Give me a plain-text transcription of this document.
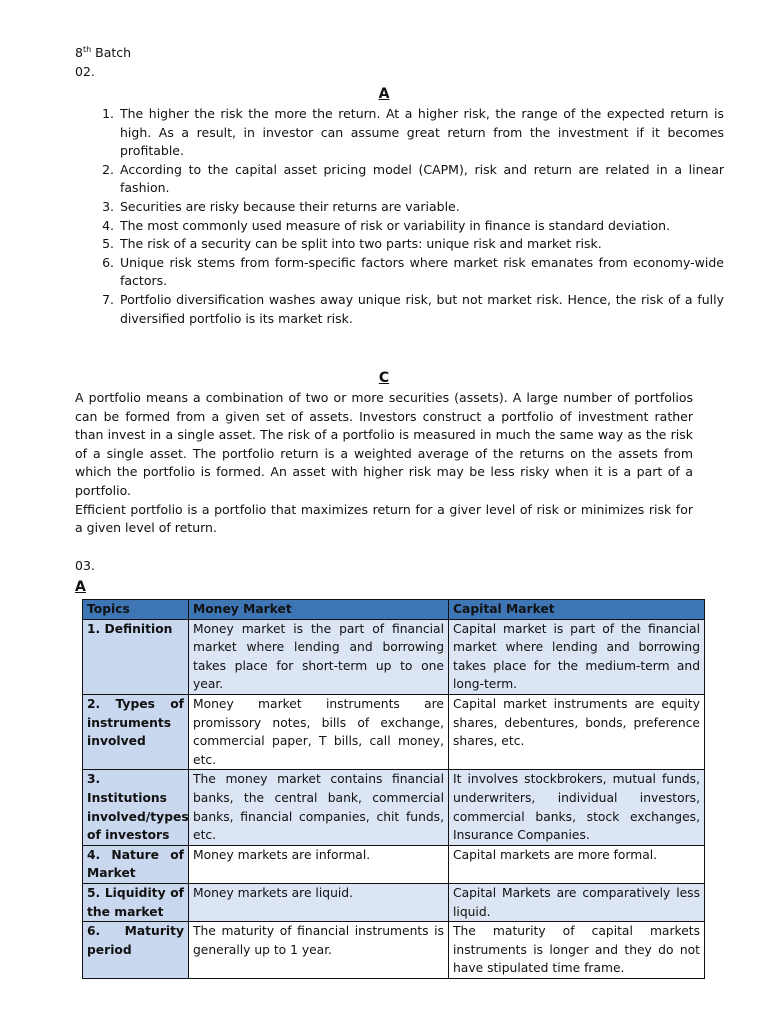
8th Batch
02.
A
1. The higher the risk the more the return. At a higher risk, the range of the expected return is high. As a result, in investor can assume great return from the investment if it becomes profitable.
2. According to the capital asset pricing model (CAPM), risk and return are related in a linear fashion.
3. Securities are risky because their returns are variable.
4. The most commonly used measure of risk or variability in finance is standard deviation.
5. The risk of a security can be split into two parts: unique risk and market risk.
6. Unique risk stems from form-specific factors where market risk emanates from economy-wide factors.
7. Portfolio diversification washes away unique risk, but not market risk. Hence, the risk of a fully diversified portfolio is its market risk.
C

A portfolio means a combination of two or more securities (assets). A large number of portfolios can be formed from a given set of assets. Investors construct a portfolio of investment rather than invest in a single asset. The risk of a portfolio is measured in much the same way as the risk of a single asset. The portfolio return is a weighted average of the returns on the assets from which the portfolio is formed. An asset with higher risk may be less risky when it is a part of a portfolio.

Efficient portfolio is a portfolio that maximizes return for a giver level of risk or minimizes risk for a given level of return.

03.
A
Topics	Money Market	Capital Market
1. Definition	Money market is the part of financial market where lending and borrowing takes place for short-term up to one year.	Capital market is part of the financial market where lending and borrowing takes place for the medium-term and long-term.
2. Types of instruments involved	Money market instruments are promissory notes, bills of exchange, commercial paper, T bills, call money, etc.	Capital market instruments are equity shares, debentures, bonds, preference shares, etc.
3. Institutions involved/types of investors	The money market contains financial banks, the central bank, commercial banks, financial companies, chit funds, etc.	It involves stockbrokers, mutual funds, underwriters, individual investors, commercial banks, stock exchanges, Insurance Companies.
4. Nature of Market	Money markets are informal.	Capital markets are more formal.
5. Liquidity of the market	Money markets are liquid.	Capital Markets are comparatively less liquid.
6. Maturity period	The maturity of financial instruments is generally up to 1 year.	The maturity of capital markets instruments is longer and they do not have stipulated time frame.
